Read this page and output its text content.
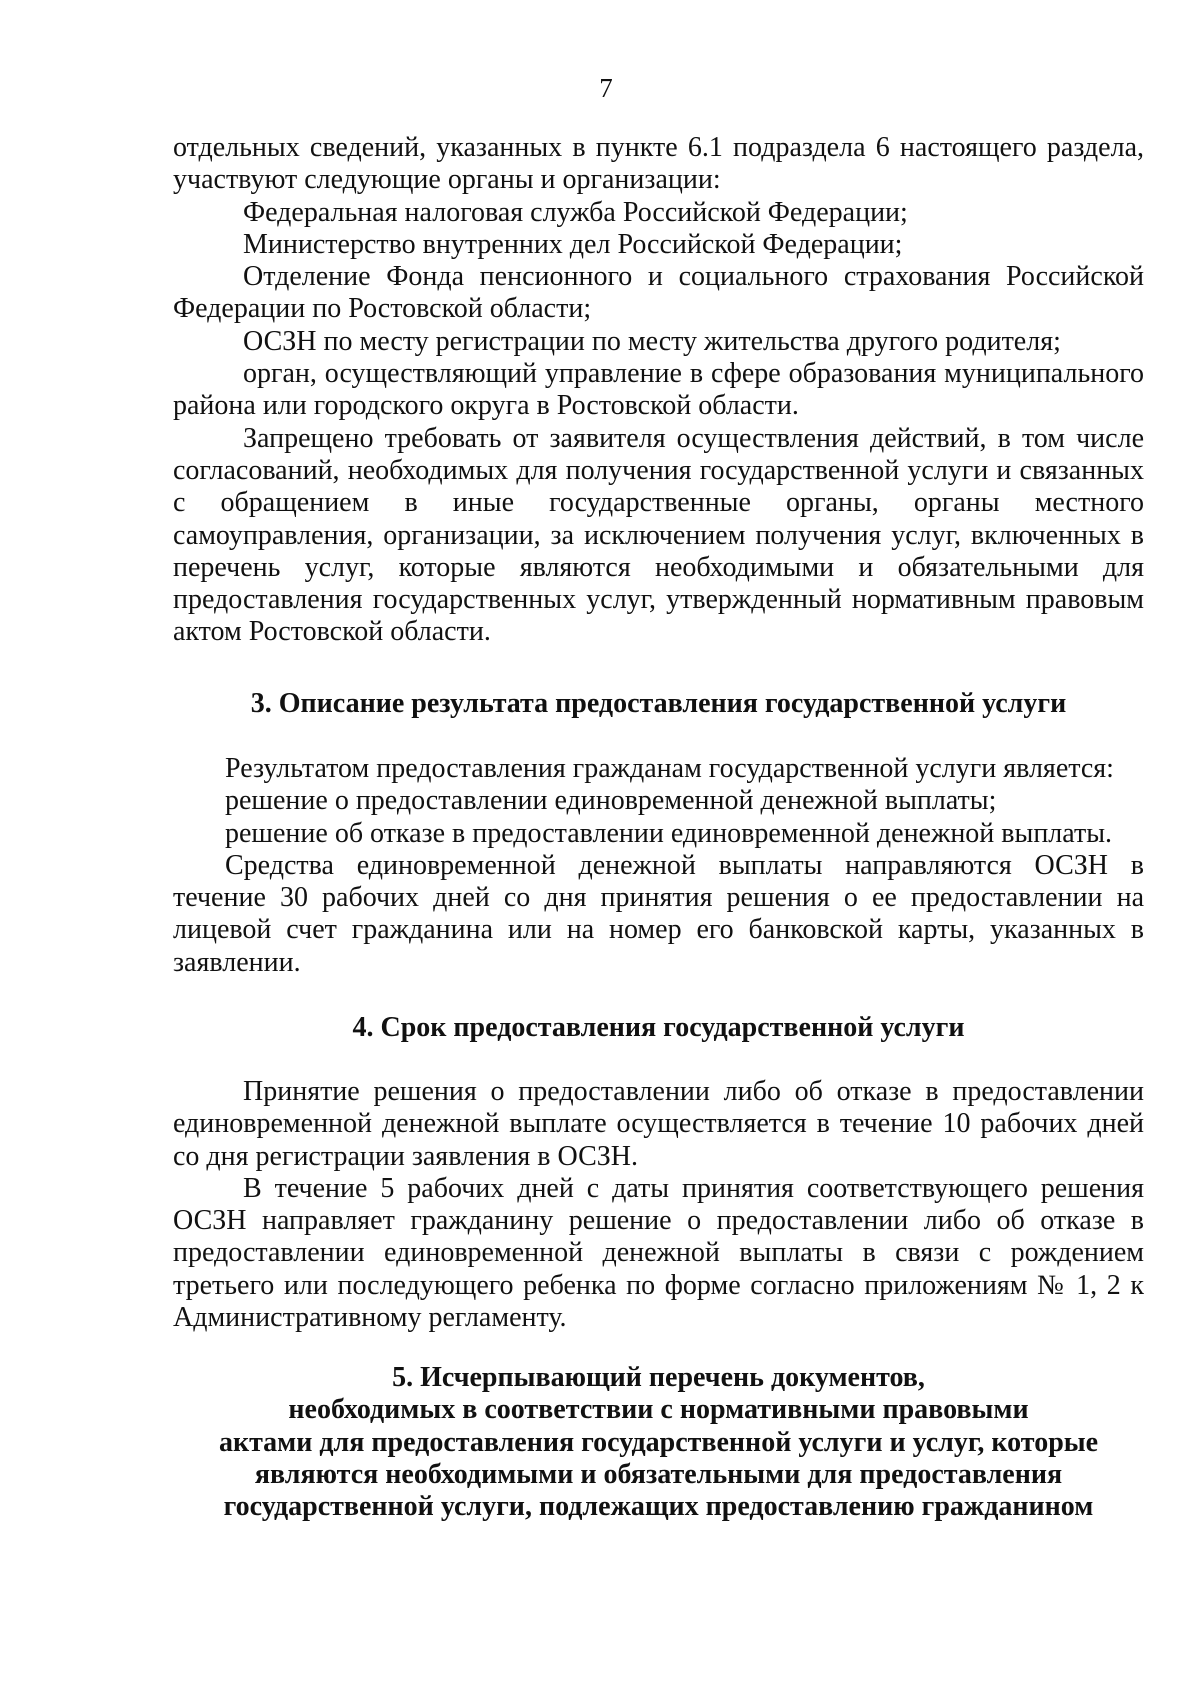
7

отдельных сведений, указанных в пункте 6.1 подраздела 6 настоящего раздела, участвуют следующие органы и организации:

Федеральная налоговая служба Российской Федерации;

Министерство внутренних дел Российской Федерации;

Отделение Фонда пенсионного и социального страхования Российской Федерации по Ростовской области;

ОСЗН по месту регистрации по месту жительства другого родителя;

орган, осуществляющий управление в сфере образования муниципального района или городского округа в Ростовской области.

Запрещено требовать от заявителя осуществления действий, в том числе согласований, необходимых для получения государственной услуги и связанных с обращением в иные государственные органы, органы местного самоуправления, организации, за исключением получения услуг, включенных в перечень услуг, которые являются необходимыми и обязательными для предоставления государственных услуг, утвержденный нормативным правовым актом Ростовской области.

3. Описание результата предоставления государственной услуги

Результатом предоставления гражданам государственной услуги является:

решение о предоставлении единовременной денежной выплаты;

решение об отказе в предоставлении единовременной денежной выплаты.

Средства единовременной денежной выплаты направляются ОСЗН в течение 30 рабочих дней со дня принятия решения о ее предоставлении на лицевой счет гражданина или на номер его банковской карты, указанных в заявлении.

4. Срок предоставления государственной услуги

Принятие решения о предоставлении либо об отказе в предоставлении единовременной денежной выплате осуществляется в течение 10 рабочих дней со дня регистрации заявления в ОСЗН.

В течение 5 рабочих дней с даты принятия соответствующего решения ОСЗН направляет гражданину решение о предоставлении либо об отказе в предоставлении единовременной денежной выплаты в связи с рождением третьего или последующего ребенка по форме согласно приложениям № 1, 2 к Административному регламенту.

5. Исчерпывающий перечень документов,
необходимых в соответствии с нормативными правовыми
актами для предоставления государственной услуги и услуг, которые
являются необходимыми и обязательными для предоставления
государственной услуги, подлежащих предоставлению гражданином
